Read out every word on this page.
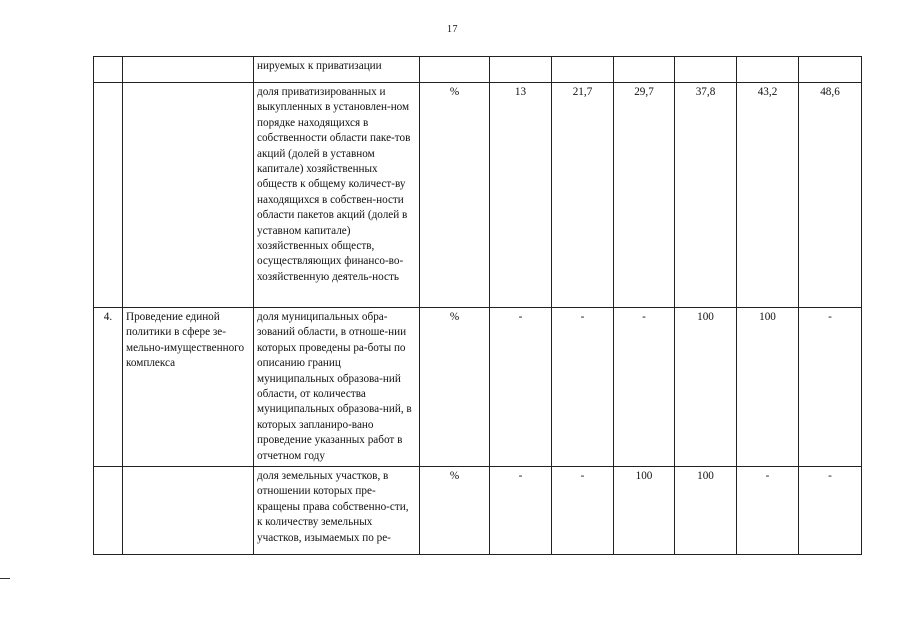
17
		нируемых к приватизации							
		доля приватизированных и выкупленных в установлен-ном порядке находящихся в собственности области паке-тов акций (долей в уставном капитале) хозяйственных обществ к общему количест-ву находящихся в собствен-ности области пакетов акций (долей в уставном капитале) хозяйственных обществ, осуществляющих финансо-во-хозяйственную деятель-ность	%	13	21,7	29,7	37,8	43,2	48,6
4.	Проведение единой политики в сфере зе-мельно-имущественного комплекса	доля муниципальных обра-зований области, в отноше-нии которых проведены ра-боты по описанию границ муниципальных образова-ний области, от количества муниципальных образова-ний, в которых запланиро-вано проведение указанных работ в отчетном году	%	-	-	-	100	100	-
		доля земельных участков, в отношении которых пре-кращены права собственно-сти, к количеству земельных участков, изымаемых по ре-	%	-	-	100	100	-	-
